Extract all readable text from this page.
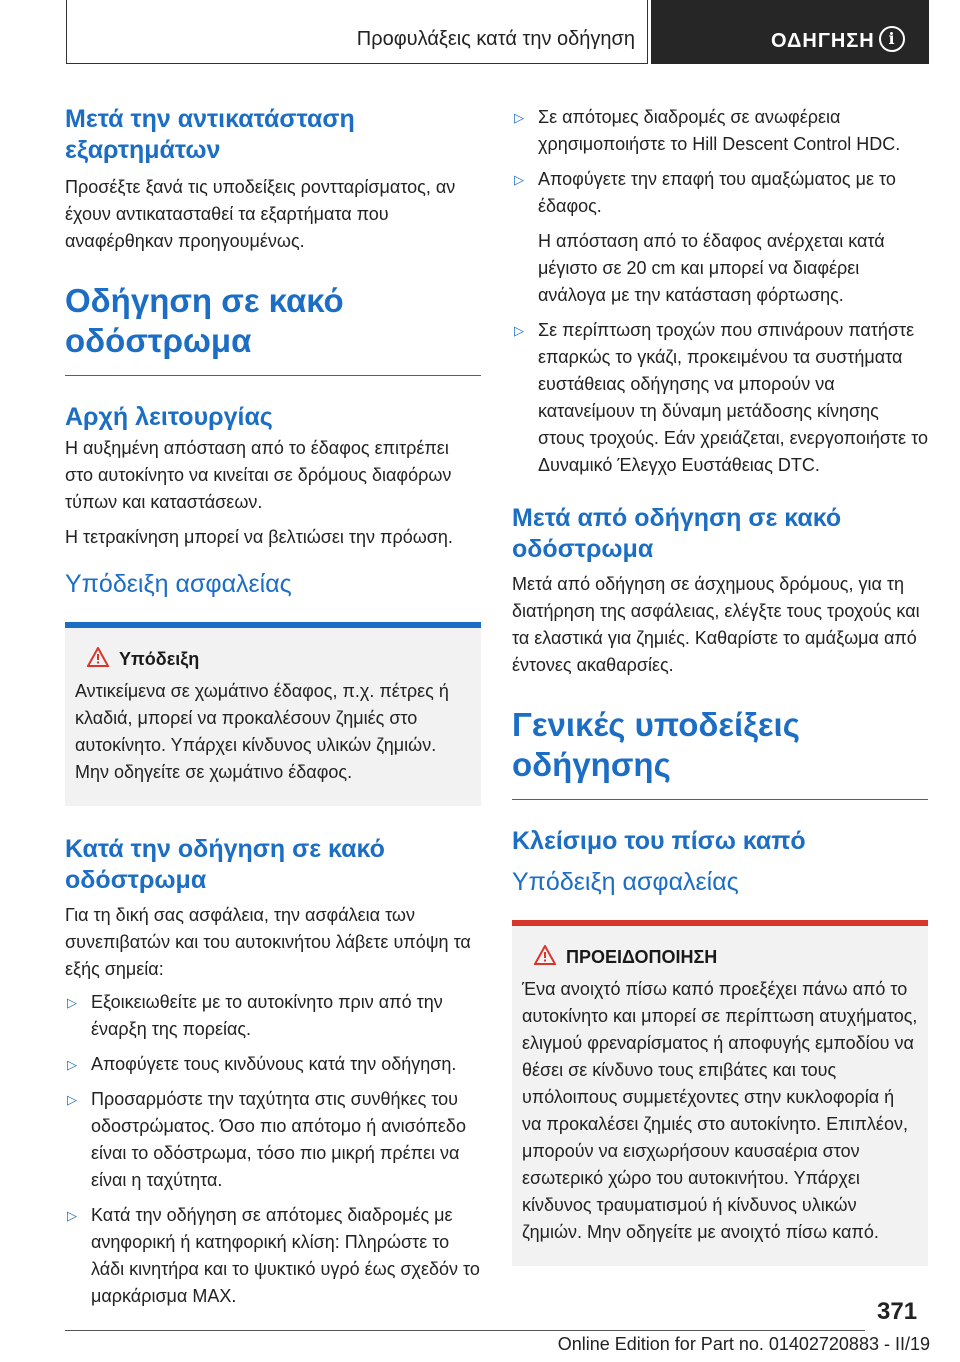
Προφυλάξεις κατά την οδήγηση	ΟΔΗΓΗΣΗ i
Μετά την αντικατάσταση εξαρτημάτων
Προσέξτε ξανά τις υποδείξεις ροντταρίσματος, αν έχουν αντικατασταθεί τα εξαρτήματα που αναφέρθηκαν προηγουμένως.
Οδήγηση σε κακό οδόστρωμα
Αρχή λειτουργίας
Η αυξημένη απόσταση από το έδαφος επιτρέπει στο αυτοκίνητο να κινείται σε δρόμους διαφόρων τύπων και καταστάσεων.
Η τετρακίνηση μπορεί να βελτιώσει την πρόωση.
Υπόδειξη ασφαλείας
Υπόδειξη
Αντικείμενα σε χωμάτινο έδαφος, π.χ. πέτρες ή κλαδιά, μπορεί να προκαλέσουν ζημιές στο αυτοκίνητο. Υπάρχει κίνδυνος υλικών ζημιών. Μην οδηγείτε σε χωμάτινο έδαφος.
Κατά την οδήγηση σε κακό οδόστρωμα
Για τη δική σας ασφάλεια, την ασφάλεια των συνεπιβατών και του αυτοκινήτου λάβετε υπόψη τα εξής σημεία:
▷ Εξοικειωθείτε με το αυτοκίνητο πριν από την έναρξη της πορείας.
▷ Αποφύγετε τους κινδύνους κατά την οδήγηση.
▷ Προσαρμόστε την ταχύτητα στις συνθήκες του οδοστρώματος. Όσο πιο απότομο ή ανισόπεδο είναι το οδόστρωμα, τόσο πιο μικρή πρέπει να είναι η ταχύτητα.
▷ Κατά την οδήγηση σε απότομες διαδρομές με ανηφορική ή κατηφορική κλίση: Πληρώστε το λάδι κινητήρα και το ψυκτικό υγρό έως σχεδόν το μαρκάρισμα MAX.
▷ Σε απότομες διαδρομές σε ανωφέρεια χρησιμοποιήστε το Hill Descent Control HDC.
▷ Αποφύγετε την επαφή του αμαξώματος με το έδαφος.
Η απόσταση από το έδαφος ανέρχεται κατά μέγιστο σε 20 cm και μπορεί να διαφέρει ανάλογα με την κατάσταση φόρτωσης.
▷ Σε περίπτωση τροχών που σπινάρουν πατήστε επαρκώς το γκάζι, προκειμένου τα συστήματα ευστάθειας οδήγησης να μπορούν να κατανείμουν τη δύναμη μετάδοσης κίνησης στους τροχούς. Εάν χρειάζεται, ενεργοποιήστε το Δυναμικό Έλεγχο Ευστάθειας DTC.
Μετά από οδήγηση σε κακό οδόστρωμα
Μετά από οδήγηση σε άσχημους δρόμους, για τη διατήρηση της ασφάλειας, ελέγξτε τους τροχούς και τα ελαστικά για ζημιές. Καθαρίστε το αμάξωμα από έντονες ακαθαρσίες.
Γενικές υποδείξεις οδήγησης
Κλείσιμο του πίσω καπό
Υπόδειξη ασφαλείας
ΠΡΟΕΙΔΟΠΟΙΗΣΗ
Ένα ανοιχτό πίσω καπό προεξέχει πάνω από το αυτοκίνητο και μπορεί σε περίπτωση ατυχήματος, ελιγμού φρεναρίσματος ή αποφυγής εμποδίου να θέσει σε κίνδυνο τους επιβάτες και τους υπόλοιπους συμμετέχοντες στην κυκλοφορία ή να προκαλέσει ζημιές στο αυτοκίνητο. Επιπλέον, μπορούν να εισχωρήσουν καυσαέρια στον εσωτερικό χώρο του αυτοκινήτου. Υπάρχει κίνδυνος τραυματισμού ή κίνδυνος υλικών ζημιών. Μην οδηγείτε με ανοιχτό πίσω καπό.
371
Online Edition for Part no. 01402720883 - II/19
